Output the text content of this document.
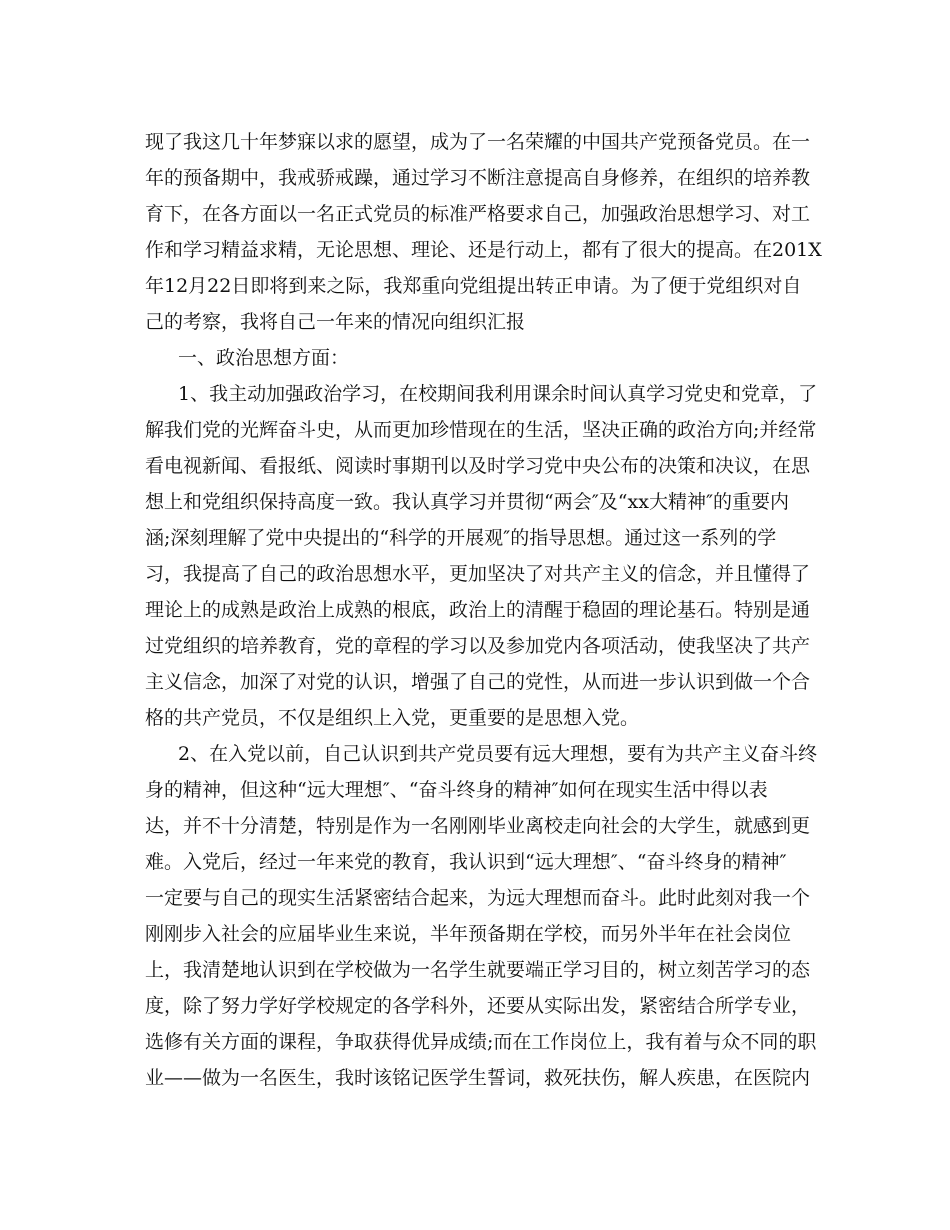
现了我这几十年梦寐以求的愿望，成为了一名荣耀的中国共产党预备党员。在一
年的预备期中，我戒骄戒躁，通过学习不断注意提高自身修养，在组织的培养教
育下，在各方面以一名正式党员的标准严格要求自己，加强政治思想学习、对工
作和学习精益求精，无论思想、理论、还是行动上，都有了很大的提高。在201X
年12月22日即将到来之际，我郑重向党组提出转正申请。为了便于党组织对自
己的考察，我将自己一年来的情况向组织汇报
一、政治思想方面：
1、我主动加强政治学习，在校期间我利用课余时间认真学习党史和党章，了
解我们党的光辉奋斗史，从而更加珍惜现在的生活，坚决正确的政治方向;并经常
看电视新闻、看报纸、阅读时事期刊以及时学习党中央公布的决策和决议，在思
想上和党组织保持高度一致。我认真学习并贯彻“两会″及“xx大精神″的重要内
涵;深刻理解了党中央提出的“科学的开展观″的指导思想。通过这一系列的学
习，我提高了自己的政治思想水平，更加坚决了对共产主义的信念，并且懂得了
理论上的成熟是政治上成熟的根底，政治上的清醒于稳固的理论基石。特别是通
过党组织的培养教育，党的章程的学习以及参加党内各项活动，使我坚决了共产
主义信念，加深了对党的认识，增强了自己的党性，从而进一步认识到做一个合
格的共产党员，不仅是组织上入党，更重要的是思想入党。
2、在入党以前，自己认识到共产党员要有远大理想，要有为共产主义奋斗终
身的精神，但这种“远大理想″、“奋斗终身的精神″如何在现实生活中得以表
达，并不十分清楚，特别是作为一名刚刚毕业离校走向社会的大学生，就感到更
难。入党后，经过一年来党的教育，我认识到“远大理想″、“奋斗终身的精神″
一定要与自己的现实生活紧密结合起来，为远大理想而奋斗。此时此刻对我一个
刚刚步入社会的应届毕业生来说，半年预备期在学校，而另外半年在社会岗位
上，我清楚地认识到在学校做为一名学生就要端正学习目的，树立刻苦学习的态
度，除了努力学好学校规定的各学科外，还要从实际出发，紧密结合所学专业，
选修有关方面的课程，争取获得优异成绩;而在工作岗位上，我有着与众不同的职
业——做为一名医生，我时该铭记医学生誓词，救死扶伤，解人疾患，在医院内
